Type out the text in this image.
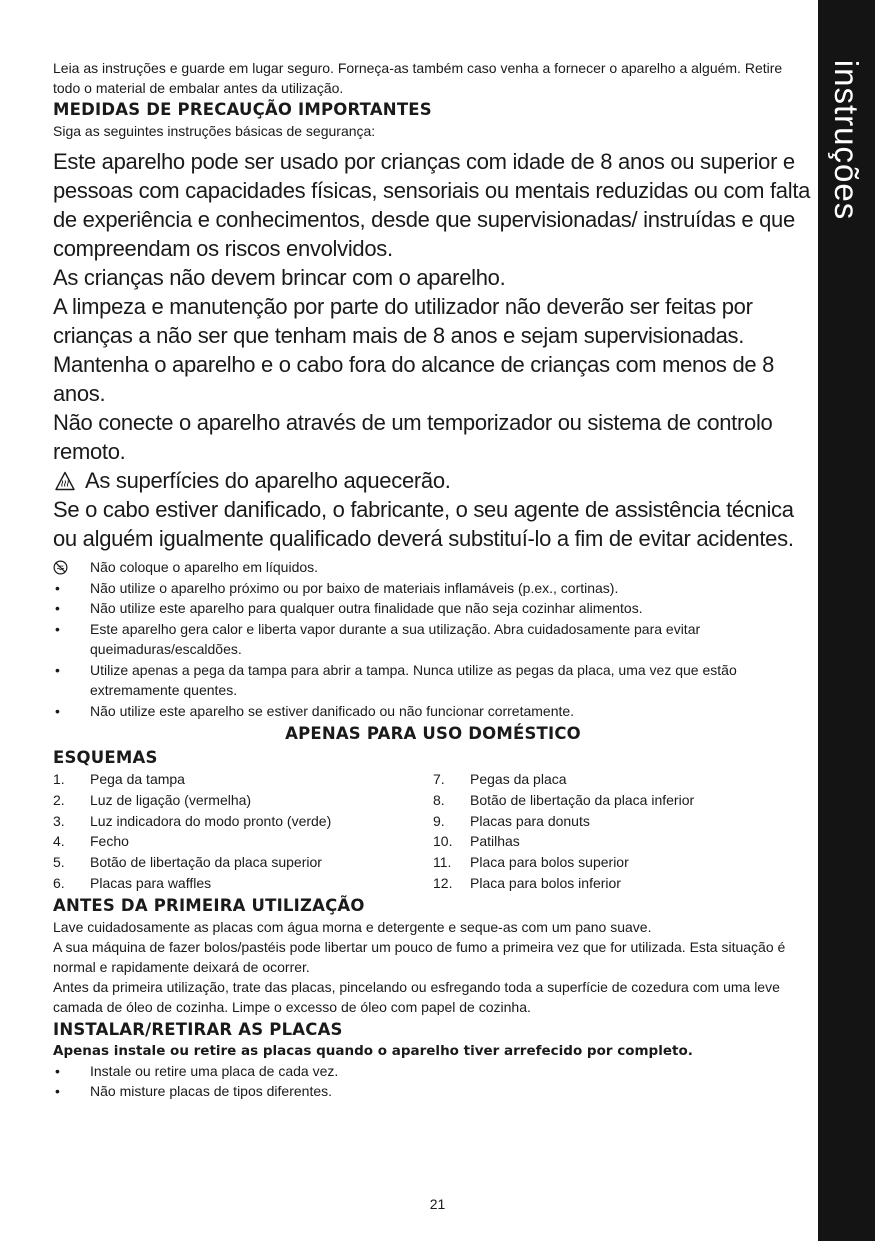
instruções

Leia as instruções e guarde em lugar seguro. Forneça-as também caso venha a fornecer o aparelho a alguém. Retire todo o material de embalar antes da utilização.

MEDIDAS DE PRECAUÇÃO IMPORTANTES

Siga as seguintes instruções básicas de segurança:

Este aparelho pode ser usado por crianças com idade de 8 anos ou superior e pessoas com capacidades físicas, sensoriais ou mentais reduzidas ou com falta de experiência e conhecimentos, desde que supervisionadas/ instruídas e que compreendam os riscos envolvidos.

As crianças não devem brincar com o aparelho.

A limpeza e manutenção por parte do utilizador não deverão ser feitas por crianças a não ser que tenham mais de 8 anos e sejam supervisionadas.

Mantenha o aparelho e o cabo fora do alcance de crianças com menos de 8 anos.

Não conecte o aparelho através de um temporizador ou sistema de controlo remoto.

As superfícies do aparelho aquecerão.

Se o cabo estiver danificado, o fabricante, o seu agente de assistência técnica ou alguém igualmente qualificado deverá substituí-lo a fim de evitar acidentes.

Não coloque o aparelho em líquidos.
• Não utilize o aparelho próximo ou por baixo de materiais inflamáveis (p.ex., cortinas).
• Não utilize este aparelho para qualquer outra finalidade que não seja cozinhar alimentos.
• Este aparelho gera calor e liberta vapor durante a sua utilização. Abra cuidadosamente para evitar queimaduras/escaldões.
• Utilize apenas a pega da tampa para abrir a tampa. Nunca utilize as pegas da placa, uma vez que estão extremamente quentes.
• Não utilize este aparelho se estiver danificado ou não funcionar corretamente.
APENAS PARA USO DOMÉSTICO
ESQUEMAS
1.	Pega da tampa
2.	Luz de ligação (vermelha)
3.	Luz indicadora do modo pronto (verde)
4.	Fecho
5.	Botão de libertação da placa superior
6.	Placas para waffles
7.	Pegas da placa
8.	Botão de libertação da placa inferior
9.	Placas para donuts
10.	Patilhas
11.	Placa para bolos superior
12.	Placa para bolos inferior
ANTES DA PRIMEIRA UTILIZAÇÃO

Lave cuidadosamente as placas com água morna e detergente e seque-as com um pano suave.

A sua máquina de fazer bolos/pastéis pode libertar um pouco de fumo a primeira vez que for utilizada. Esta situação é normal e rapidamente deixará de ocorrer.

Antes da primeira utilização, trate das placas, pincelando ou esfregando toda a superfície de cozedura com uma leve camada de óleo de cozinha. Limpe o excesso de óleo com papel de cozinha.

INSTALAR/RETIRAR AS PLACAS

Apenas instale ou retire as placas quando o aparelho tiver arrefecido por completo.

• Instale ou retire uma placa de cada vez.
• Não misture placas de tipos diferentes.
21
